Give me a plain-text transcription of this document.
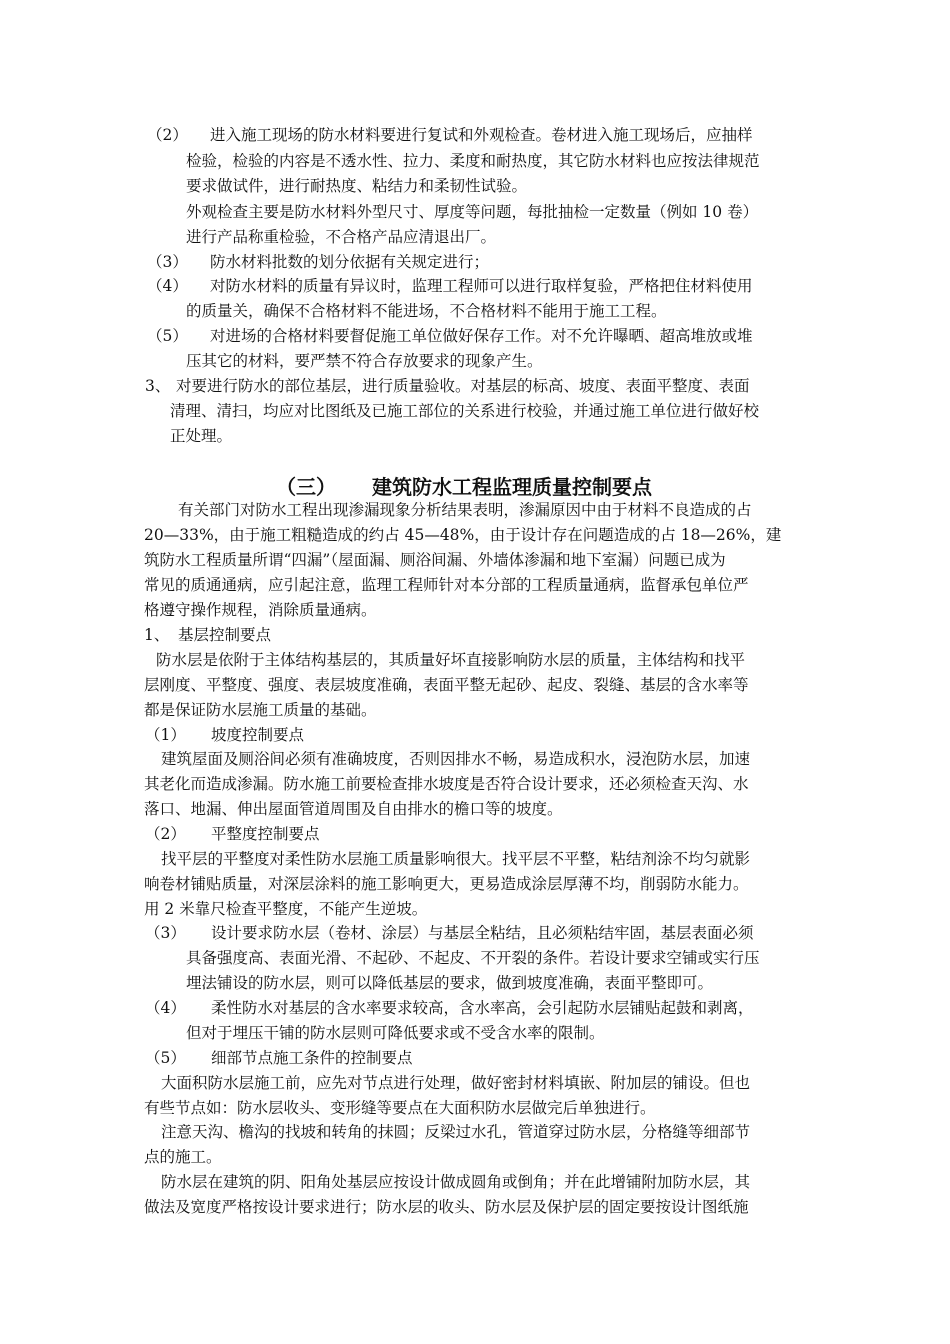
（2） 进入施工现场的防水材料要进行复试和外观检查。卷材进入施工现场后，应抽样
检验，检验的内容是不透水性、拉力、柔度和耐热度，其它防水材料也应按法律规范
要求做试件，进行耐热度、粘结力和柔韧性试验。
外观检查主要是防水材料外型尺寸、厚度等问题，每批抽检一定数量（例如 10 卷）
进行产品称重检验，不合格产品应清退出厂。
（3） 防水材料批数的划分依据有关规定进行；
（4） 对防水材料的质量有异议时，监理工程师可以进行取样复验，严格把住材料使用
的质量关，确保不合格材料不能进场，不合格材料不能用于施工工程。
（5） 对进场的合格材料要督促施工单位做好保存工作。对不允许曝晒、超高堆放或堆
压其它的材料，要严禁不符合存放要求的现象产生。
3、 对要进行防水的部位基层，进行质量验收。对基层的标高、坡度、表面平整度、表面
清理、清扫，均应对比图纸及已施工部位的关系进行校验，并通过施工单位进行做好校
正处理。
（三） 建筑防水工程监理质量控制要点
有关部门对防水工程出现渗漏现象分析结果表明，渗漏原因中由于材料不良造成的占
20—33%，由于施工粗糙造成的约占 45—48%，由于设计存在问题造成的占 18—26%，建
筑防水工程质量所谓“四漏”（屋面漏、厕浴间漏、外墙体渗漏和地下室漏）问题已成为
常见的质通通病，应引起注意，监理工程师针对本分部的工程质量通病，监督承包单位严
格遵守操作规程，消除质量通病。
1、 基层控制要点
防水层是依附于主体结构基层的，其质量好坏直接影响防水层的质量，主体结构和找平
层刚度、平整度、强度、表层坡度准确，表面平整无起砂、起皮、裂缝、基层的含水率等
都是保证防水层施工质量的基础。
（1） 坡度控制要点
建筑屋面及厕浴间必须有准确坡度，否则因排水不畅，易造成积水，浸泡防水层，加速
其老化而造成渗漏。防水施工前要检查排水坡度是否符合设计要求，还必须检查天沟、水
落口、地漏、伸出屋面管道周围及自由排水的檐口等的坡度。
（2） 平整度控制要点
找平层的平整度对柔性防水层施工质量影响很大。找平层不平整，粘结剂涂不均匀就影
响卷材铺贴质量，对深层涂料的施工影响更大，更易造成涂层厚薄不均，削弱防水能力。
用 2 米靠尺检查平整度，不能产生逆坡。
（3） 设计要求防水层（卷材、涂层）与基层全粘结，且必须粘结牢固，基层表面必须
具备强度高、表面光滑、不起砂、不起皮、不开裂的条件。若设计要求空铺或实行压
埋法铺设的防水层，则可以降低基层的要求，做到坡度准确，表面平整即可。
（4） 柔性防水对基层的含水率要求较高，含水率高，会引起防水层铺贴起鼓和剥离，
但对于埋压干铺的防水层则可降低要求或不受含水率的限制。
（5） 细部节点施工条件的控制要点
大面积防水层施工前，应先对节点进行处理，做好密封材料填嵌、附加层的铺设。但也
有些节点如：防水层收头、变形缝等要点在大面积防水层做完后单独进行。
注意天沟、檐沟的找坡和转角的抹圆；反梁过水孔，管道穿过防水层，分格缝等细部节
点的施工。
防水层在建筑的阴、阳角处基层应按设计做成圆角或倒角；并在此增铺附加防水层，其
做法及宽度严格按设计要求进行；防水层的收头、防水层及保护层的固定要按设计图纸施
